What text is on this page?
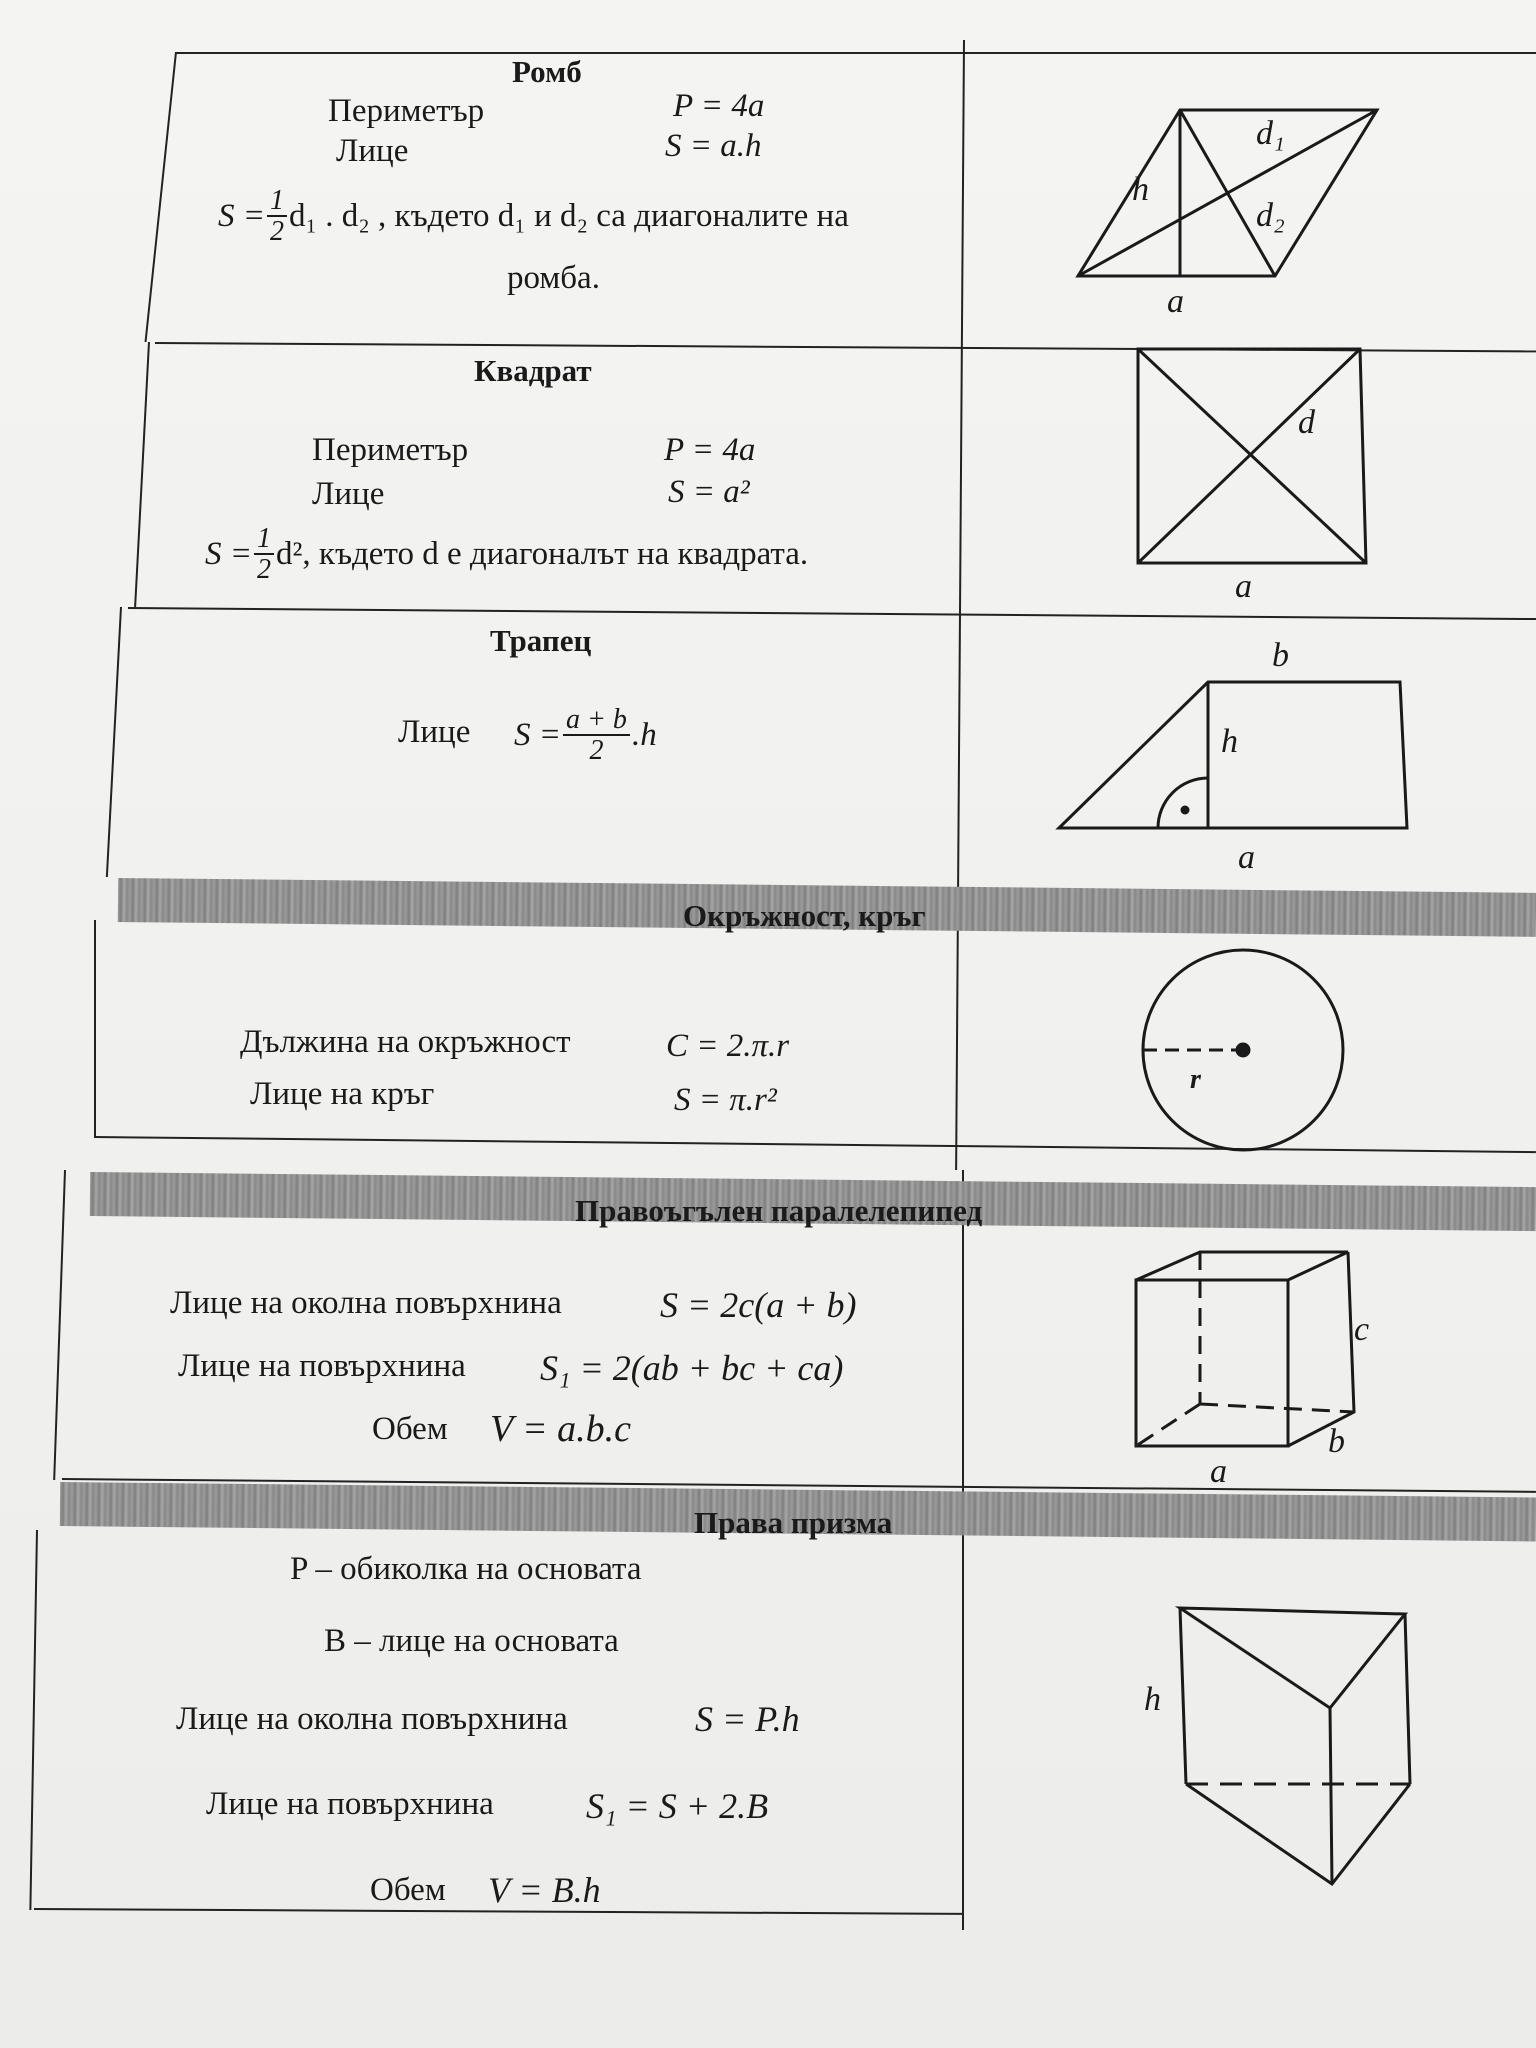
Окръжност, кръг
Правоъгълен паралелепипед
Права призма
Ромб
Периметър	P = 4a
Лице	S = a.h
$S = \frac{1}{2} d_1$ . d₂ , където d₁ и d₂ са диагоналите на
ромба.
d₁
h
d₂
a
Квадрат
Периметър	P = 4a
Лице	S = a²
$S = \frac{1}{2} d^2$, където d е диагоналът на квадрата.
d
a
Трапец
Лице $S = \frac{a + b}{2} .h$
b
h
a
Дължина на окръжност	C = 2.π.r
Лице на кръг	S = π.r²
r
Лице на околна повърхнина	S = 2c(a + b)
Лице на повърхнина S₁ = 2(ab + bc + ca)
Обем V = a.b.c
c
b
a
P – обиколка на основата
B – лице на основата
Лице на околна повърхнина	S = P.h
Лице на повърхнина	S₁ = S + 2.B
Обем V = B.h
h
